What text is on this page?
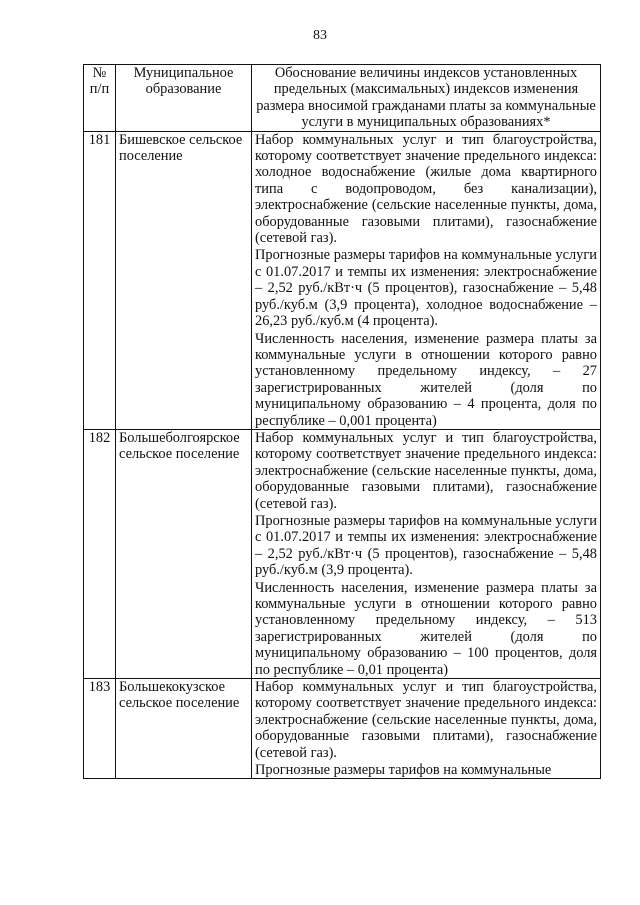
83
№ п/п	Муниципальное образование	Обоснование величины индексов установленных предельных (максимальных) индексов изменения размера вносимой гражданами платы за коммунальные услуги в муниципальных образованиях*
181	Бишевское сельское поселение	Набор коммунальных услуг и тип благоустройства, которому соответствует значение предельного индекса: холодное водоснабжение (жилые дома квартирного типа с водопроводом, без канализации), электроснабжение (сельские населенные пункты, дома, оборудованные газовыми плитами), газоснабжение (сетевой газ).

Прогнозные размеры тарифов на коммунальные услуги с 01.07.2017 и темпы их изменения: электроснабжение – 2,52 руб./кВт·ч (5 процентов), газоснабжение – 5,48 руб./куб.м (3,9 процента), холодное водоснабжение – 26,23 руб./куб.м (4 процента).

Численность населения, изменение размера платы за коммунальные услуги в отношении которого равно установленному предельному индексу, – 27 зарегистрированных жителей (доля по муниципальному образованию – 4 процента, доля по республике – 0,001 процента)

182	Большеболгоярское сельское поселение	Набор коммунальных услуг и тип благоустройства, которому соответствует значение предельного индекса: электроснабжение (сельские населенные пункты, дома, оборудованные газовыми плитами), газоснабжение (сетевой газ).

Прогнозные размеры тарифов на коммунальные услуги с 01.07.2017 и темпы их изменения: электроснабжение – 2,52 руб./кВт·ч (5 процентов), газоснабжение – 5,48 руб./куб.м (3,9 процента).

Численность населения, изменение размера платы за коммунальные услуги в отношении которого равно установленному предельному индексу, – 513 зарегистрированных жителей (доля по муниципальному образованию – 100 процентов, доля по республике – 0,01 процента)

183	Большекокузское сельское поселение	Набор коммунальных услуг и тип благоустройства, которому соответствует значение предельного индекса: электроснабжение (сельские населенные пункты, дома, оборудованные газовыми плитами), газоснабжение (сетевой газ).

Прогнозные размеры тарифов на коммунальные
